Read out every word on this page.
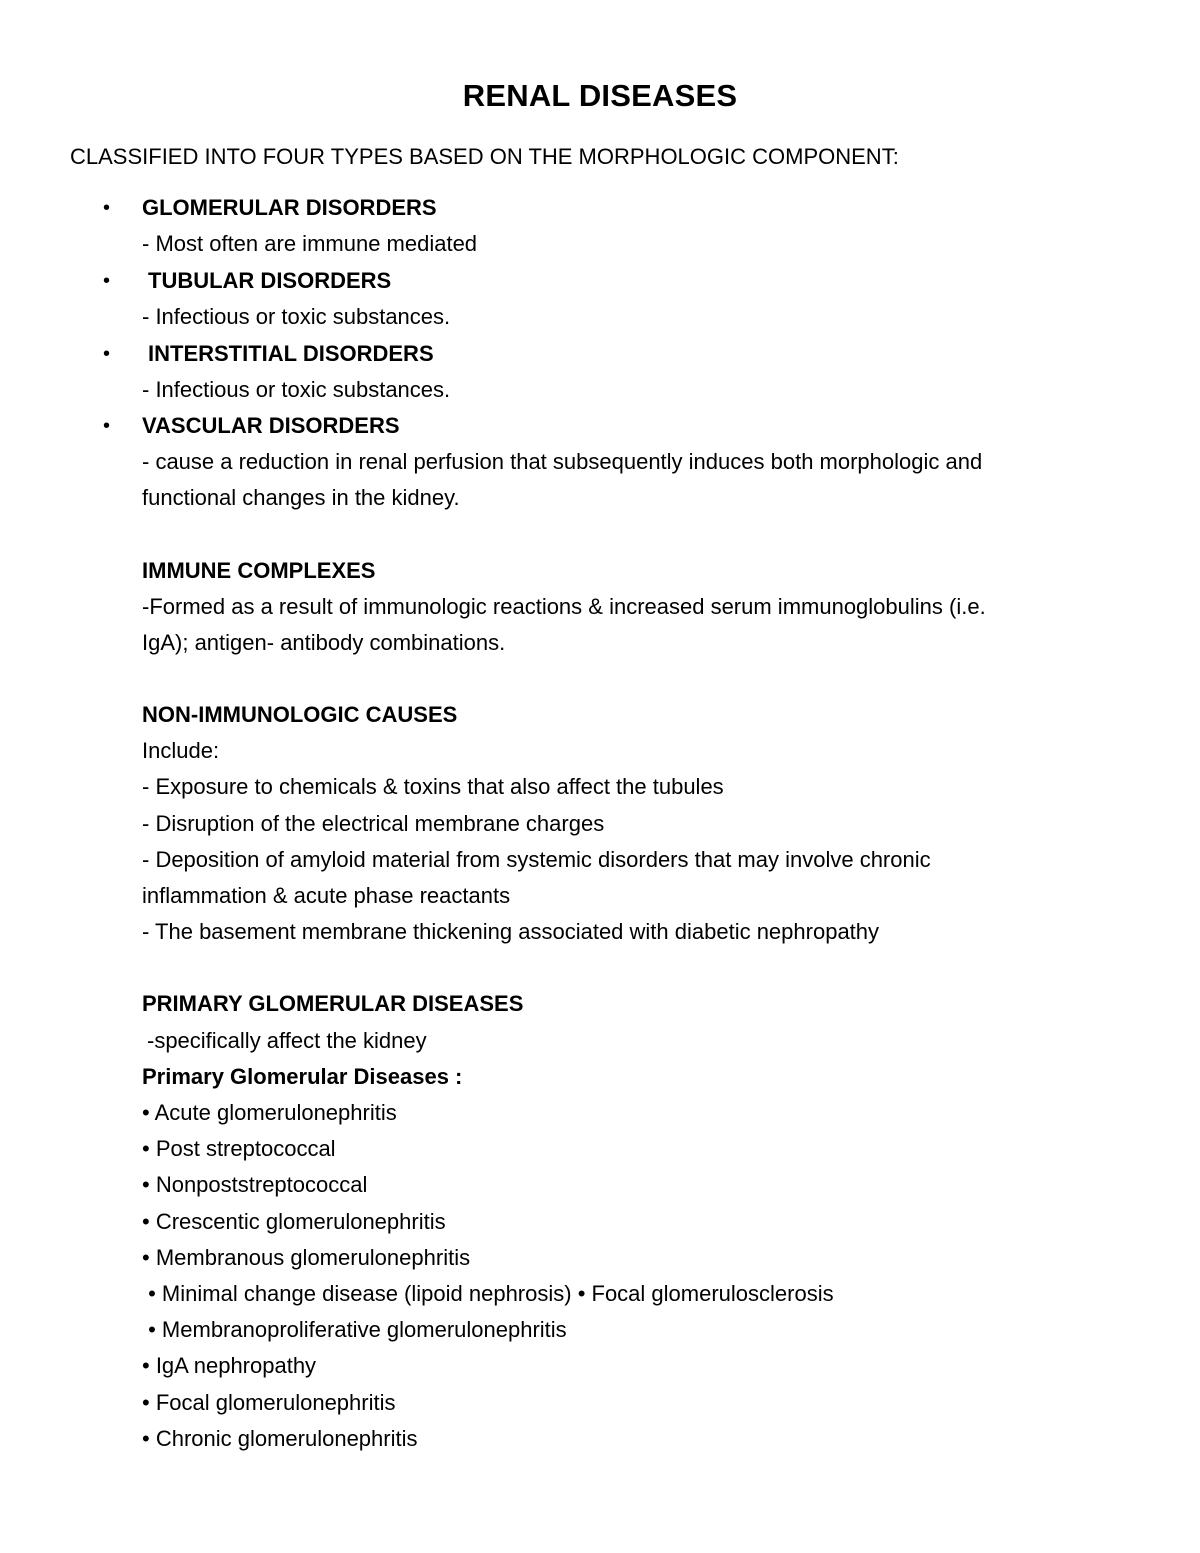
RENAL DISEASES
CLASSIFIED INTO FOUR TYPES BASED ON THE MORPHOLOGIC COMPONENT:
• GLOMERULAR DISORDERS
- Most often are immune mediated
• TUBULAR DISORDERS
- Infectious or toxic substances.
• INTERSTITIAL DISORDERS
- Infectious or toxic substances.
• VASCULAR DISORDERS
- cause a reduction in renal perfusion that subsequently induces both morphologic and
functional changes in the kidney.
IMMUNE COMPLEXES
-Formed as a result of immunologic reactions & increased serum immunoglobulins (i.e.
IgA); antigen- antibody combinations.
NON-IMMUNOLOGIC CAUSES
Include:
- Exposure to chemicals & toxins that also affect the tubules
- Disruption of the electrical membrane charges
- Deposition of amyloid material from systemic disorders that may involve chronic
inflammation & acute phase reactants
- The basement membrane thickening associated with diabetic nephropathy
PRIMARY GLOMERULAR DISEASES
-specifically affect the kidney
Primary Glomerular Diseases :
• Acute glomerulonephritis
• Post streptococcal
• Nonpoststreptococcal
• Crescentic glomerulonephritis
• Membranous glomerulonephritis
• Minimal change disease (lipoid nephrosis) • Focal glomerulosclerosis
• Membranoproliferative glomerulonephritis
• IgA nephropathy
• Focal glomerulonephritis
• Chronic glomerulonephritis
